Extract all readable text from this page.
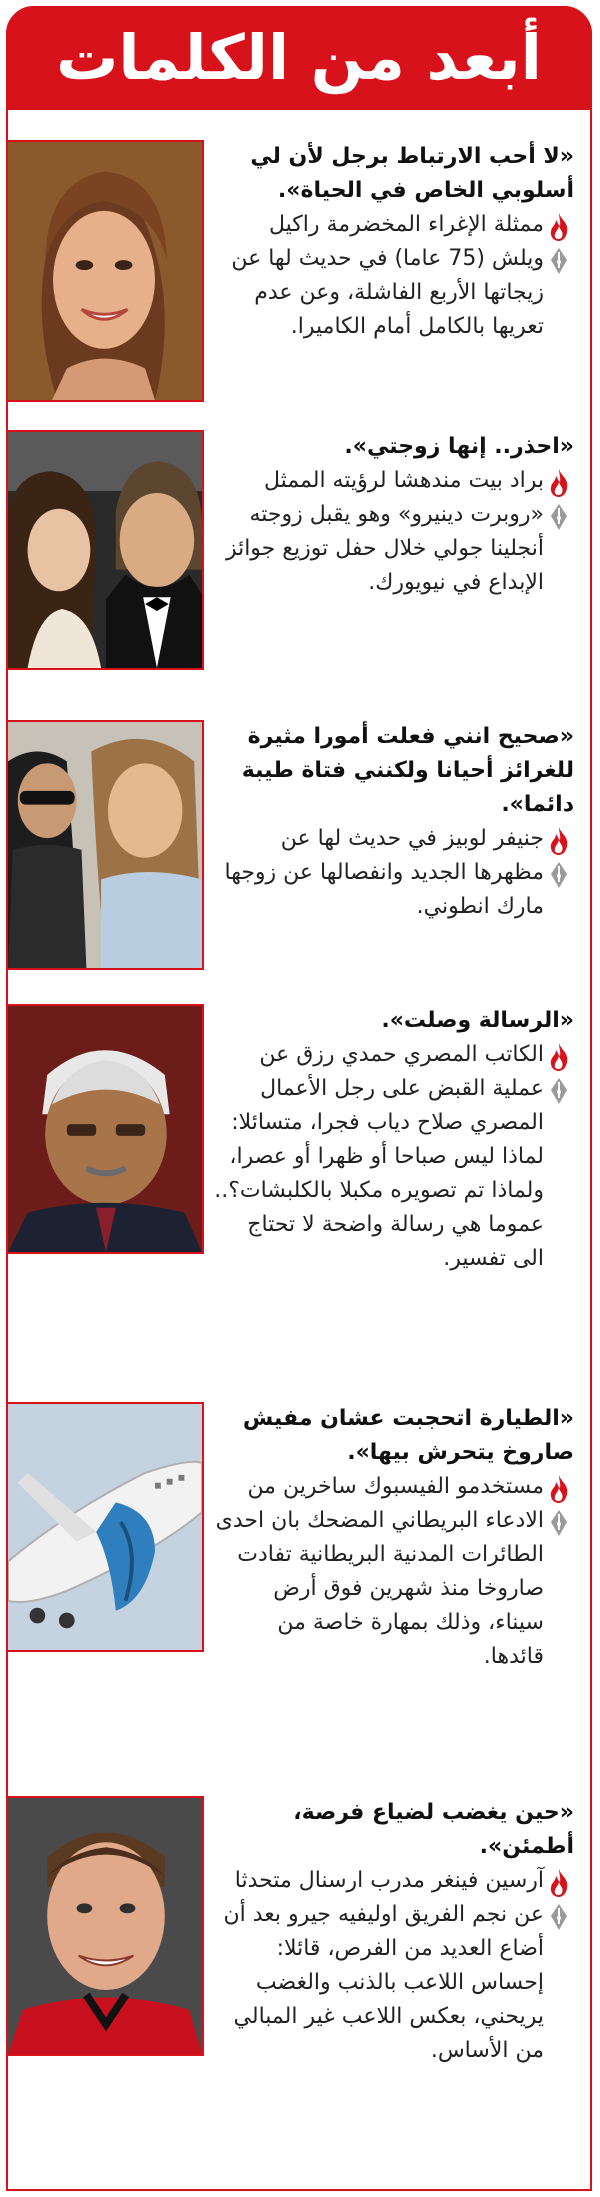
أبعد من الكلمات

«لا أحب الارتباط برجل لأن لي أسلوبي الخاص في الحياة».

ممثلة الإغراء المخضرمة راكيل ويلش (75 عاما) في حديث لها عن زيجاتها الأربع الفاشلة، وعن عدم تعريها بالكامل أمام الكاميرا.

«احذر.. إنها زوجتي».

براد بيت مندهشا لرؤيته الممثل «روبرت دينيرو» وهو يقبل زوجته أنجلينا جولي خلال حفل توزيع جوائز الإبداع في نيويورك.

«صحيح انني فعلت أمورا مثيرة للغرائز أحيانا ولكنني فتاة طيبة دائما».

جنيفر لوبيز في حديث لها عن مظهرها الجديد وانفصالها عن زوجها مارك انطوني.

«الرسالة وصلت».

الكاتب المصري حمدي رزق عن عملية القبض على رجل الأعمال المصري صلاح دياب فجرا، متسائلا: لماذا ليس صباحا أو ظهرا أو عصرا، ولماذا تم تصويره مكبلا بالكلبشات؟.. عموما هي رسالة واضحة لا تحتاج الى تفسير.

«الطيارة اتحجبت عشان مفيش صاروخ يتحرش بيها».

مستخدمو الفيسبوك ساخرين من الادعاء البريطاني المضحك بان احدى الطائرات المدنية البريطانية تفادت صاروخا منذ شهرين فوق أرض سيناء، وذلك بمهارة خاصة من قائدها.

«حين يغضب لضياع فرصة، أطمئن».

آرسين فينغر مدرب ارسنال متحدثا عن نجم الفريق اوليفيه جيرو بعد أن أضاع العديد من الفرص، قائلا: إحساس اللاعب بالذنب والغضب يريحني، بعكس اللاعب غير المبالي من الأساس.
